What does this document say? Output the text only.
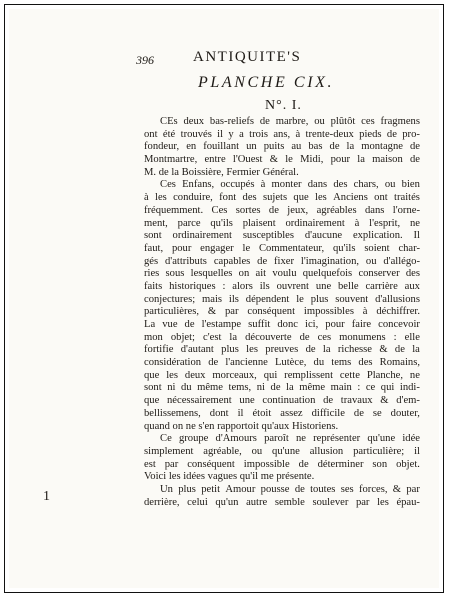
396	ANTIQUITE'S
PLANCHE CIX.
N°. I.
CEs deux bas-reliefs de marbre, ou plûtôt ces fragmens
ont été trouvés il y a trois ans, à trente-deux pieds de pro-
fondeur, en fouillant un puits au bas de la montagne de
Montmartre, entre l'Ouest & le Midi, pour la maison de
M. de la Boissière, Fermier Général.
Ces Enfans, occupés à monter dans des chars, ou bien
à les conduire, font des sujets que les Anciens ont traités
fréquemment. Ces sortes de jeux, agréables dans l'orne-
ment, parce qu'ils plaisent ordinairement à l'esprit, ne
sont ordinairement susceptibles d'aucune explication. Il
faut, pour engager le Commentateur, qu'ils soient char-
gés d'attributs capables de fixer l'imagination, ou d'allégo-
ries sous lesquelles on ait voulu quelquefois conserver des
faits historiques : alors ils ouvrent une belle carrière aux
conjectures; mais ils dépendent le plus souvent d'allusions
particulières, & par conséquent impossibles à déchiffrer.
La vue de l'estampe suffit donc ici, pour faire concevoir
mon objet; c'est la découverte de ces monumens : elle
fortifie d'autant plus les preuves de la richesse & de la
considération de l'ancienne Lutèce, du tems des Romains,
que les deux morceaux, qui remplissent cette Planche, ne
sont ni du même tems, ni de la même main : ce qui indi-
que nécessairement une continuation de travaux & d'em-
bellissemens, dont il étoit assez difficile de se douter,
quand on ne s'en rapportoit qu'aux Historiens.
Ce groupe d'Amours paroît ne représenter qu'une idée
simplement agréable, ou qu'une allusion particulière; il
est par conséquent impossible de déterminer son objet.
Voici les idées vagues qu'il me présente.
Un plus petit Amour pousse de toutes ses forces, & par
derrière, celui qu'un autre semble soulever par les épau-
1
